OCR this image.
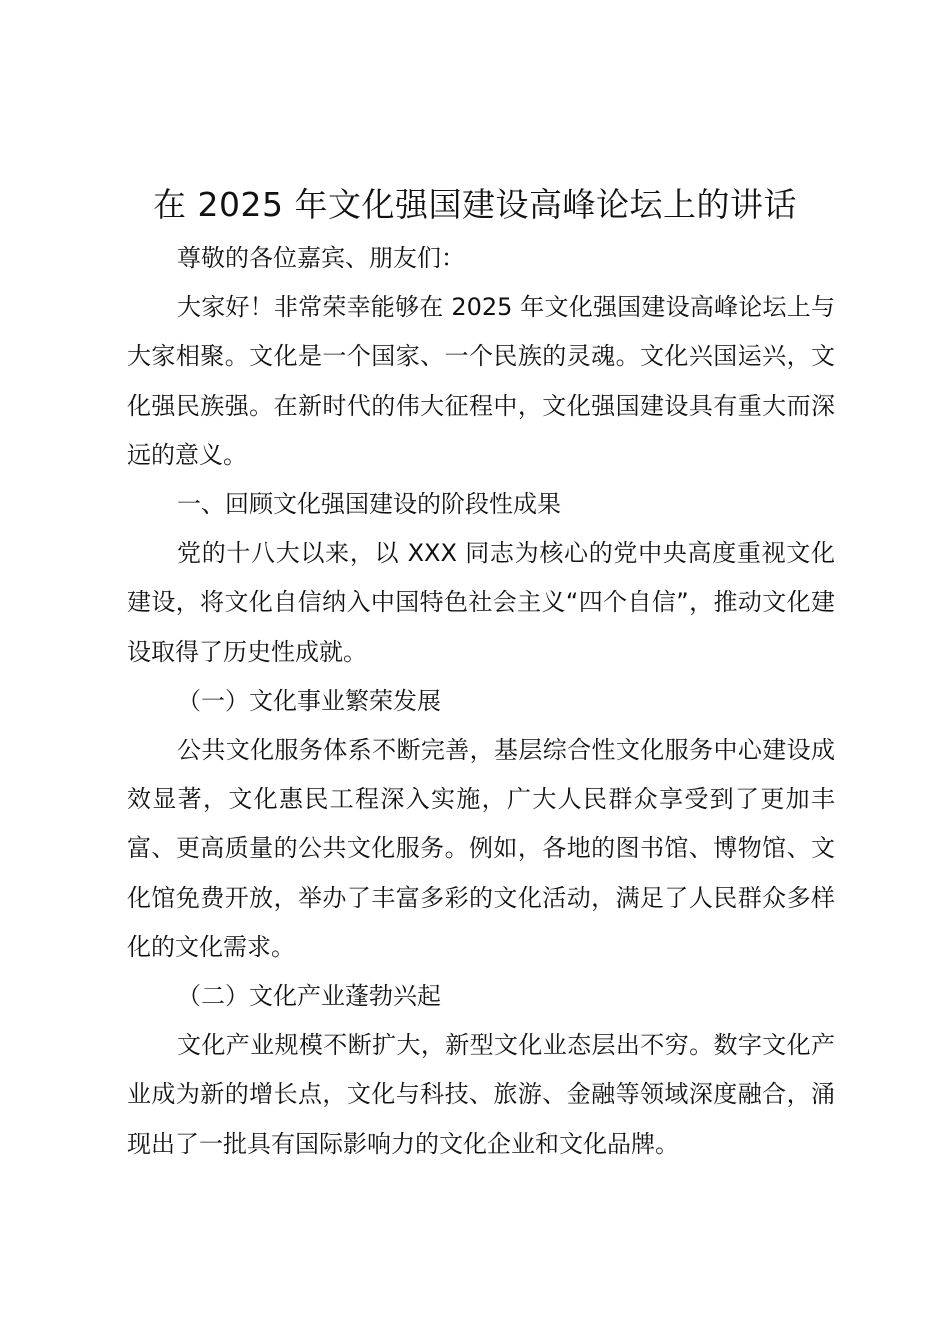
在 2025 年文化强国建设高峰论坛上的讲话

尊敬的各位嘉宾、朋友们：

大家好！非常荣幸能够在 2025 年文化强国建设高峰论坛上与大家相聚。文化是一个国家、一个民族的灵魂。文化兴国运兴，文化强民族强。在新时代的伟大征程中，文化强国建设具有重大而深远的意义。

一、回顾文化强国建设的阶段性成果

党的十八大以来，以 XXX 同志为核心的党中央高度重视文化建设，将文化自信纳入中国特色社会主义“四个自信”，推动文化建设取得了历史性成就。

（一）文化事业繁荣发展

公共文化服务体系不断完善，基层综合性文化服务中心建设成效显著，文化惠民工程深入实施，广大人民群众享受到了更加丰富、更高质量的公共文化服务。例如，各地的图书馆、博物馆、文化馆免费开放，举办了丰富多彩的文化活动，满足了人民群众多样化的文化需求。

（二）文化产业蓬勃兴起

文化产业规模不断扩大，新型文化业态层出不穷。数字文化产业成为新的增长点，文化与科技、旅游、金融等领域深度融合，涌现出了一批具有国际影响力的文化企业和文化品牌。
